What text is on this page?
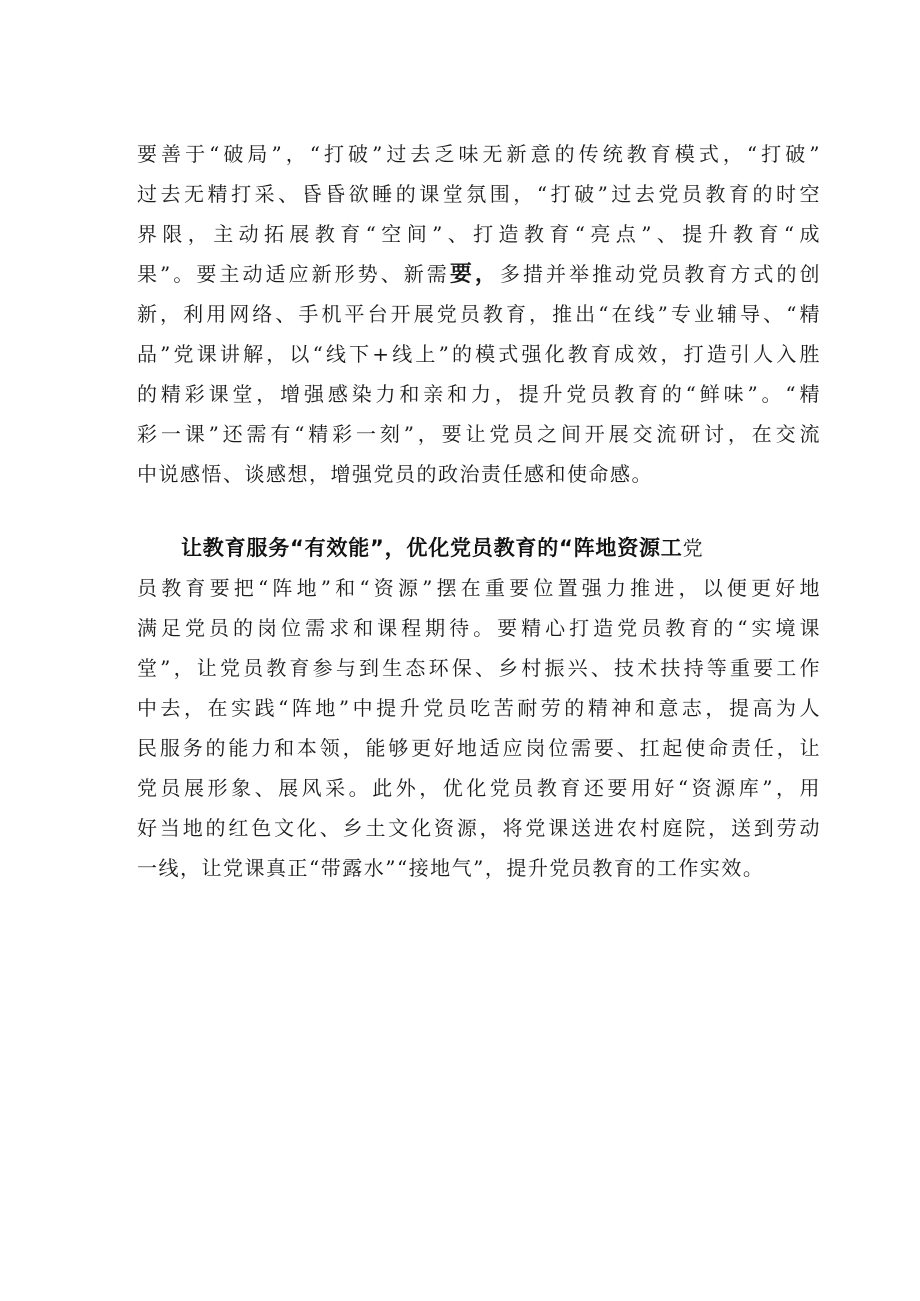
要善于“破局”，“打破”过去乏味无新意的传统教育模式，“打破”
过去无精打采、昏昏欲睡的课堂氛围，“打破”过去党员教育的时空
界限，主动拓展教育“空间”、打造教育“亮点”、提升教育“成
果”。要主动适应新形势、新需要，多措并举推动党员教育方式的创
新，利用网络、手机平台开展党员教育，推出“在线”专业辅导、“精
品”党课讲解，以“线下+线上”的模式强化教育成效，打造引人入胜
的精彩课堂，增强感染力和亲和力，提升党员教育的“鲜味”。“精
彩一课”还需有“精彩一刻”，要让党员之间开展交流研讨，在交流
中说感悟、谈感想，增强党员的政治责任感和使命感。
让教育服务“有效能”，优化党员教育的“阵地资源工党
员教育要把“阵地”和“资源”摆在重要位置强力推进，以便更好地
满足党员的岗位需求和课程期待。要精心打造党员教育的“实境课
堂”，让党员教育参与到生态环保、乡村振兴、技术扶持等重要工作
中去，在实践“阵地”中提升党员吃苦耐劳的精神和意志，提高为人
民服务的能力和本领，能够更好地适应岗位需要、扛起使命责任，让
党员展形象、展风采。此外，优化党员教育还要用好“资源库”，用
好当地的红色文化、乡土文化资源，将党课送进农村庭院，送到劳动
一线，让党课真正“带露水”“接地气”，提升党员教育的工作实效。
